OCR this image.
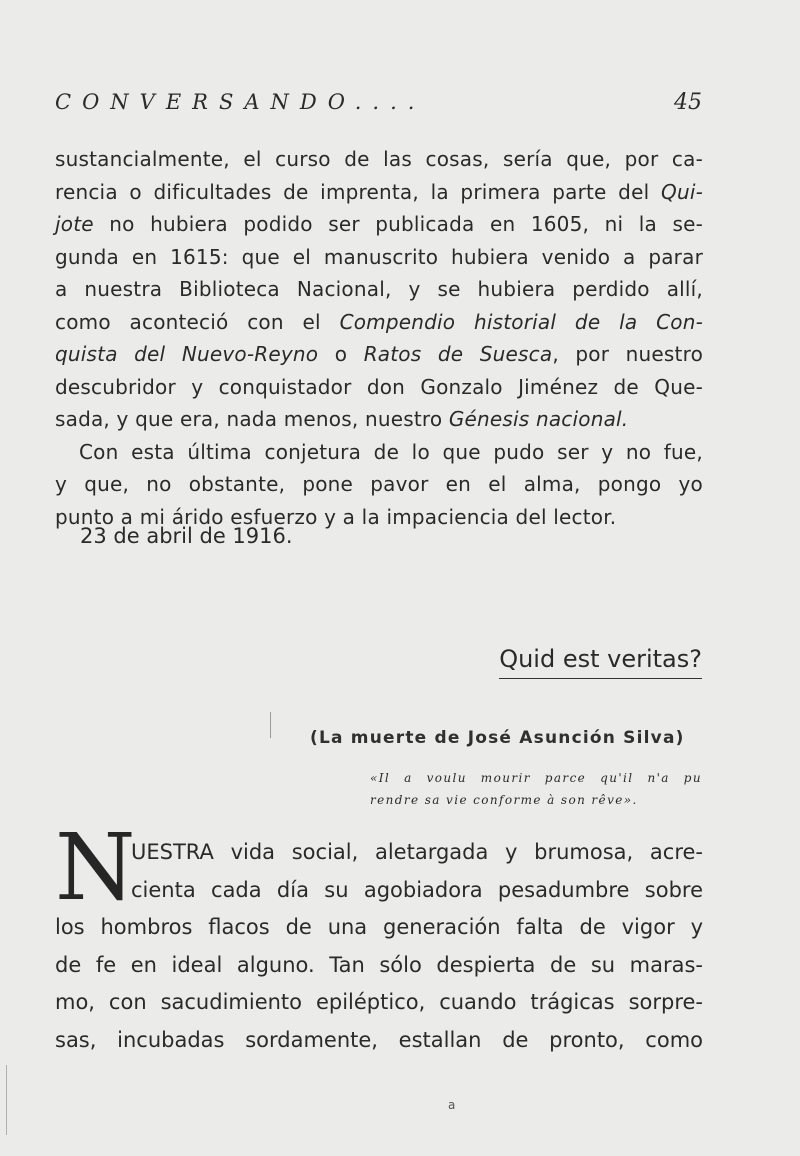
CONVERSANDO....	45
sustancialmente, el curso de las cosas, sería que, por ca-
rencia o dificultades de imprenta, la primera parte del Qui-
jote no hubiera podido ser publicada en 1605, ni la se-
gunda en 1615: que el manuscrito hubiera venido a parar
a nuestra Biblioteca Nacional, y se hubiera perdido allí,
como aconteció con el Compendio historial de la Con-
quista del Nuevo-Reyno o Ratos de Suesca, por nuestro
descubridor y conquistador don Gonzalo Jiménez de Que-
sada, y que era, nada menos, nuestro Génesis nacional.
Con esta última conjetura de lo que pudo ser y no fue,
y que, no obstante, pone pavor en el alma, pongo yo
punto a mi árido esfuerzo y a la impaciencia del lector.
23 de abril de 1916.
Quid est veritas?
(La muerte de José Asunción Silva)
«Il a voulu mourir parce qu'il n'a pu
rendre sa vie conforme à son rêve».
N
UESTRA vida social, aletargada y brumosa, acre-
cienta cada día su agobiadora pesadumbre sobre
los hombros flacos de una generación falta de vigor y
de fe en ideal alguno. Tan sólo despierta de su maras-
mo, con sacudimiento epiléptico, cuando trágicas sorpre-
sas, incubadas sordamente, estallan de pronto, como
a
